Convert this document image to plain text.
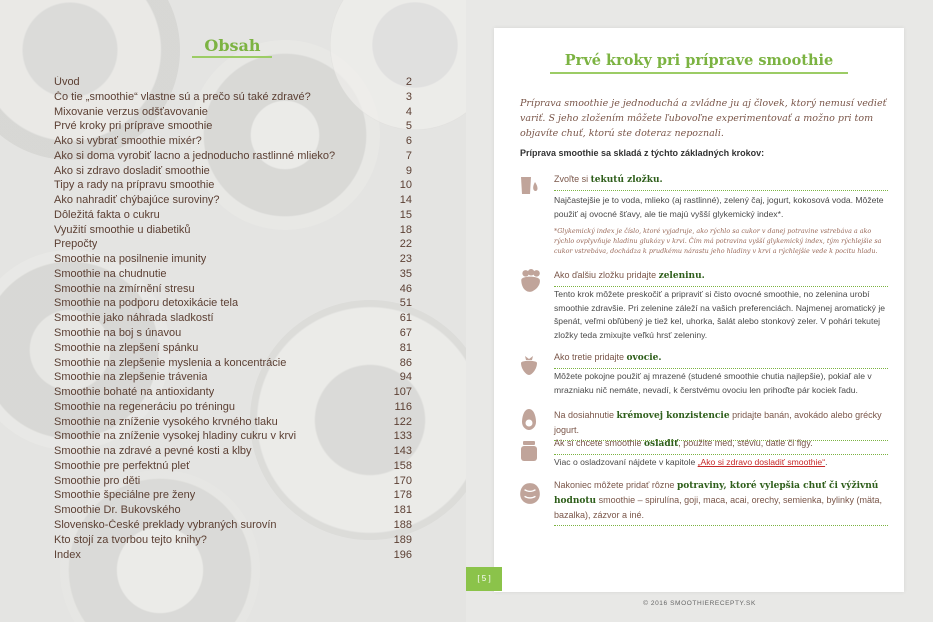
Obsah
Úvod	2
Čo tie „smoothie“ vlastne sú a prečo sú také zdravé?	3
Mixovanie verzus odšťavovanie	4
Prvé kroky pri príprave smoothie	5
Ako si vybrať smoothie mixér?	6
Ako si doma vyrobiť lacno a jednoducho rastlinné mlieko?	7
Ako si zdravo dosladiť smoothie	9
Tipy a rady na prípravu smoothie	10
Ako nahradiť chýbajúce suroviny?	14
Dôležitá fakta o cukru	15
Využití smoothie u diabetiků	18
Prepočty	22
Smoothie na posilnenie imunity	23
Smoothie na chudnutie	35
Smoothie na zmírnění stresu	46
Smoothie na podporu detoxikácie tela	51
Smoothie jako náhrada sladkostí	61
Smoothie na boj s únavou	67
Smoothie na zlepšení spánku	81
Smoothie na zlepšenie myslenia a koncentrácie	86
Smoothie na zlepšenie trávenia	94
Smoothie bohaté na antioxidanty	107
Smoothie na regeneráciu po tréningu	116
Smoothie na zníženie vysokého krvného tlaku	122
Smoothie na zníženie vysokej hladiny cukru v krvi	133
Smoothie na zdravé a pevné kosti a kĺby	143
Smoothie pre perfektnú pleť	158
Smoothie pro děti	170
Smoothie špeciálne pre ženy	178
Smoothie Dr. Bukovského	181
Slovensko-České preklady vybraných surovín	188
Kto stojí za tvorbou tejto knihy?	189
Index	196
Prvé kroky pri príprave smoothie
Príprava smoothie je jednoduchá a zvládne ju aj človek, ktorý nemusí vedieť variť. S jeho zložením môžete ľubovoľne experimentovať a možno pri tom objavíte chuť, ktorú ste doteraz nepoznali.
Príprava smoothie sa skladá z týchto základných krokov:
Zvoľte si tekutú zložku.
Najčastejšie je to voda, mlieko (aj rastlinné), zelený čaj, jogurt, kokosová voda. Môžete použiť aj ovocné šťavy, ale tie majú vyšší glykemický index*.
*Glykemický index je číslo, ktoré vyjadruje, ako rýchlo sa cukor v danej potravine vstrebáva a ako rýchlo ovplyvňuje hladinu glukózy v krvi. Čím má potravina vyšší glykemický index, tým rýchlejšie sa cukor vstrebáva, dochádza k prudkému nárastu jeho hladiny v krvi a rýchlejšie vede k pocitu hladu.
Ako ďalšiu zložku pridajte zeleninu.
Tento krok môžete preskočiť a pripraviť si čisto ovocné smoothie, no zelenina urobí smoothie zdravšie. Pri zelenine záleží na vašich preferenciách. Najmenej aromatický je špenát, veľmi obľúbený je tiež kel, uhorka, šalát alebo stonkový zeler. V pohári tekutej zložky teda zmixujte veľkú hrsť zeleniny.
Ako tretie pridajte ovocie.
Môžete pokojne použiť aj mrazené (studené smoothie chutia najlepšie), pokiaľ ale v mrazniaku nič nemáte, nevadí, k čerstvému ovociu len prihoďte pár kociek ľadu.
Na dosiahnutie krémovej konzistencie pridajte banán, avokádo alebo grécky jogurt.
Ak si chcete smoothie osladiť, použite med, stéviu, datle či figy.
Viac o osladzovaní nájdete v kapitole „Ako si zdravo dosladiť smoothie“.
Nakoniec môžete pridať rôzne potraviny, ktoré vylepšia chuť či výživnú hodnotu smoothie – spirulína, goji, maca, acai, orechy, semienka, bylinky (mäta, bazalka), zázvor a iné.
[ 5 ]
© 2016 SMOOTHIERECEPTY.SK
